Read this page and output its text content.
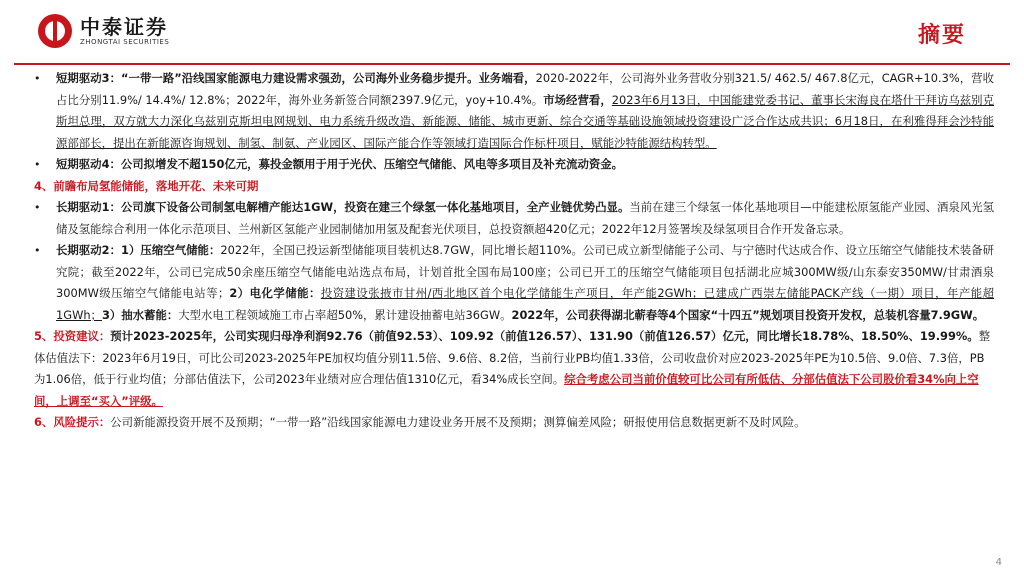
中泰证券
ZHONGTAI SECURITIES	摘要
• 短期驱动3：“一带一路”沿线国家能源电力建设需求强劲，公司海外业务稳步提升。业务端看，2020-2022年，公司海外业务营收分别321.5/ 462.5/ 467.8亿元，CAGR+10.3%，营收占比分别11.9%/ 14.4%/ 12.8%；2022年，海外业务新签合同额2397.9亿元，yoy+10.4%。市场经营看，2023年6月13日，中国能建党委书记、董事长宋海良在塔什干拜访乌兹别克斯坦总理，双方就大力深化乌兹别克斯坦电网规划、电力系统升级改造、新能源、储能、城市更新、综合交通等基础设施领域投资建设广泛合作达成共识；6月18日，在利雅得拜会沙特能源部部长，提出在新能源咨询规划、制氢、制氨、产业园区、国际产能合作等领域打造国际合作标杆项目，赋能沙特能源结构转型。
• 短期驱动4：公司拟增发不超150亿元，募投金额用于用于光伏、压缩空气储能、风电等多项目及补充流动资金。
4、前瞻布局氢能储能，落地开花、未来可期
• 长期驱动1：公司旗下设备公司制氢电解槽产能达1GW，投资在建三个绿氢一体化基地项目，全产业链优势凸显。当前在建三个绿氢一体化基地项目—中能建松原氢能产业园、酒泉风光氢储及氢能综合利用一体化示范项目、兰州新区氢能产业园制储加用氢及配套光伏项目，总投资额超420亿元；2022年12月签署埃及绿氢项目合作开发备忘录。
• 长期驱动2：1）压缩空气储能：2022年，全国已投运新型储能项目装机达8.7GW，同比增长超110%。公司已成立新型储能子公司、与宁德时代达成合作、设立压缩空气储能技术装备研究院；截至2022年，公司已完成50余座压缩空气储能电站选点布局，计划首批全国布局100座；公司已开工的压缩空气储能项目包括湖北应城300MW级/山东泰安350MW/甘肃酒泉300MW级压缩空气储能电站等；2）电化学储能：投资建设张掖市甘州/西北地区首个电化学储能生产项目，年产能2GWh；已建成广西崇左储能PACK产线（一期）项目，年产能超1GWh；3）抽水蓄能：大型水电工程领域施工市占率超50%，累计建设抽蓄电站36GW。2022年，公司获得湖北蕲春等4个国家“十四五”规划项目投资开发权，总装机容量7.9GW。
5、投资建议：预计2023-2025年，公司实现归母净利润92.76（前值92.53）、109.92（前值126.57）、131.90（前值126.57）亿元，同比增长18.78%、18.50%、19.99%。整体估值法下：2023年6月19日，可比公司2023-2025年PE加权均值分别11.5倍、9.6倍、8.2倍，当前行业PB均值1.33倍，公司收盘价对应2023-2025年PE为10.5倍、9.0倍、7.3倍，PB为1.06倍，低于行业均值；分部估值法下，公司2023年业绩对应合理估值1310亿元，看34%成长空间。综合考虑公司当前价值较可比公司有所低估、分部估值法下公司股价看34%向上空间，上调至“买入”评级。
6、风险提示：公司新能源投资开展不及预期；“一带一路”沿线国家能源电力建设业务开展不及预期；测算偏差风险；研报使用信息数据更新不及时风险。
4
